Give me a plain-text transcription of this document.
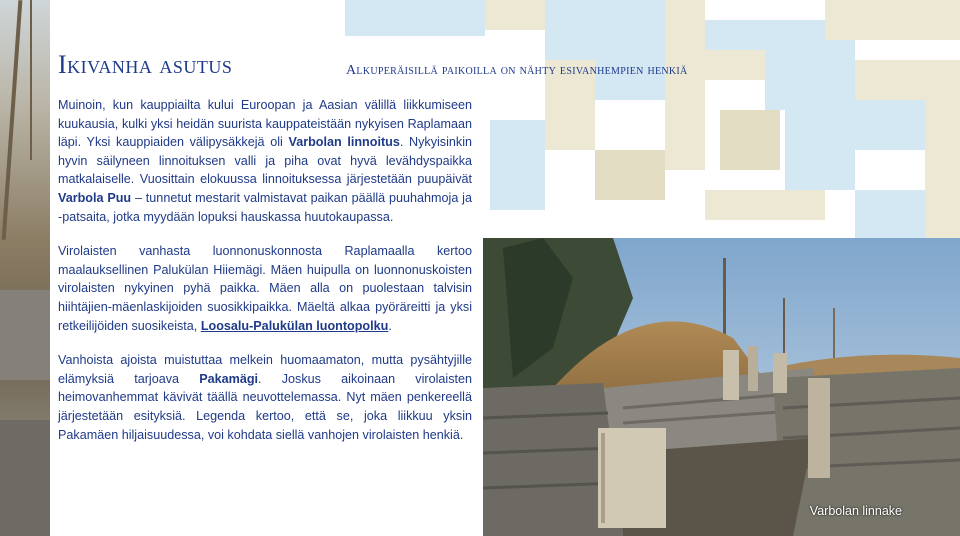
Ikivanha asutus	Alkuperäisillä paikoilla on nähty esivanhempien henkiä

Muinoin, kun kauppiailta kului Euroopan ja Aasian välillä liikkumiseen kuukausia, kulki yksi heidän suurista kauppateistään nykyisen Raplamaan läpi. Yksi kauppiaiden välipysäkkejä oli Varbolan linnoitus. Nykyisinkin hyvin säilyneen linnoituksen valli ja piha ovat hyvä levähdyspaikka matkalaiselle. Vuosittain elokuussa linnoituksessa järjestetään puupäivät Varbola Puu – tunnetut mestarit valmistavat paikan päällä puuhahmoja ja -patsaita, jotka myydään lopuksi hauskassa huutokaupassa.

Virolaisten vanhasta luonnonuskonnosta Raplamaalla kertoo maalauksellinen Palukülan Hiiemägi. Mäen huipulla on luonnonuskoisten virolaisten nykyinen pyhä paikka. Mäen alla on puolestaan talvisin hiihtäjien-mäenlaskijoiden suosikkipaikka. Mäeltä alkaa pyöräreitti ja yksi retkeilijöiden suosikeista, Loosalu-Palukülan luontopolku.

Vanhoista ajoista muistuttaa melkein huomaamaton, mutta pysähtyjille elämyksiä tarjoava Pakamägi. Joskus aikoinaan virolaisten heimovanhemmat kävivät täällä neuvottelemassa. Nyt mäen penkereellä järjestetään esityksiä. Legenda kertoo, että se, joka liikkuu yksin Pakamäen hiljaisuudessa, voi kohdata siellä vanhojen virolaisten henkiä.

Varbolan linnake
